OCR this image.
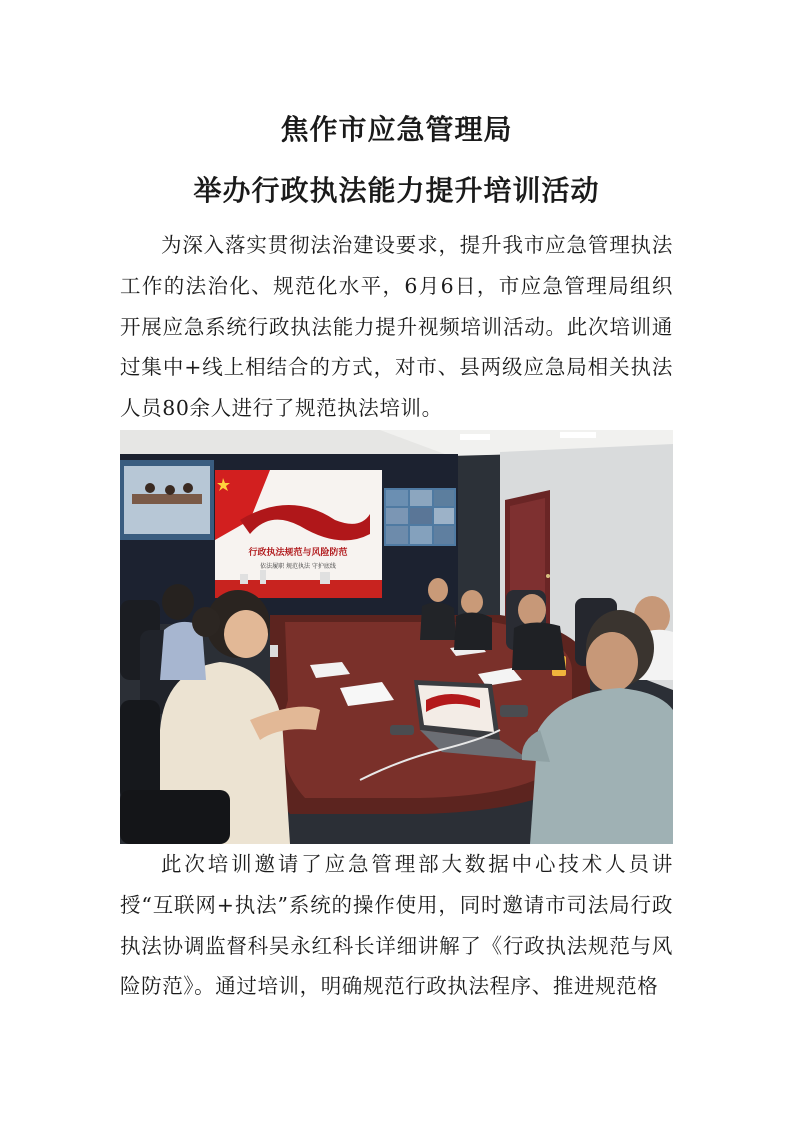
焦作市应急管理局
举办行政执法能力提升培训活动

为深入落实贯彻法治建设要求，提升我市应急管理执法工作的法治化、规范化水平，6月6日，市应急管理局组织开展应急系统行政执法能力提升视频培训活动。此次培训通过集中+线上相结合的方式，对市、县两级应急局相关执法人员80余人进行了规范执法培训。

行政执法规范与风险防范
依法履职 规范执法 守护底线

此次培训邀请了应急管理部大数据中心技术人员讲授“互联网+执法”系统的操作使用，同时邀请市司法局行政执法协调监督科吴永红科长详细讲解了《行政执法规范与风险防范》。通过培训，明确规范行政执法程序、推进规范格
